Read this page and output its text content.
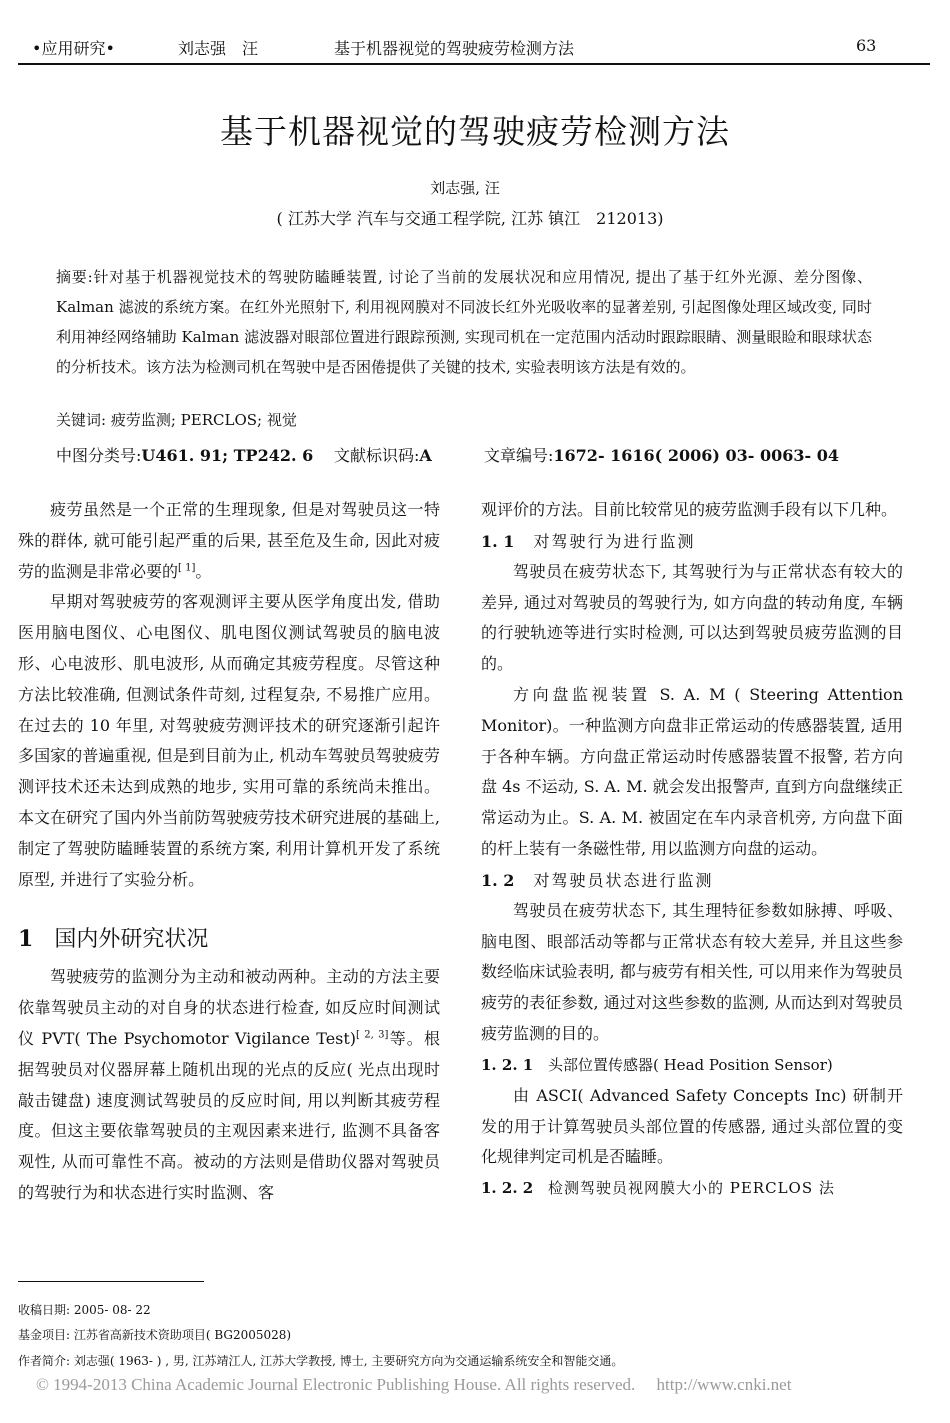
•应用研究•	刘志强　汪	基于机器视觉的驾驶疲劳检测方法	63
基于机器视觉的驾驶疲劳检测方法
刘志强, 汪
( 江苏大学 汽车与交通工程学院, 江苏 镇江　212013)
摘要:针对基于机器视觉技术的驾驶防瞌睡装置, 讨论了当前的发展状况和应用情况, 提出了基于红外光源、差分图像、Kalman 滤波的系统方案。在红外光照射下, 利用视网膜对不同波长红外光吸收率的显著差别, 引起图像处理区域改变, 同时利用神经网络辅助 Kalman 滤波器对眼部位置进行跟踪预测, 实现司机在一定范围内活动时跟踪眼睛、测量眼睑和眼球状态的分析技术。该方法为检测司机在驾驶中是否困倦提供了关键的技术, 实验表明该方法是有效的。
关键词: 疲劳监测; PERCLOS; 视觉
中图分类号:U461. 91; TP242. 6 文献标识码:A	文章编号:1672- 1616( 2006) 03- 0063- 04

疲劳虽然是一个正常的生理现象, 但是对驾驶员这一特殊的群体, 就可能引起严重的后果, 甚至危及生命, 因此对疲劳的监测是非常必要的[ 1]。

早期对驾驶疲劳的客观测评主要从医学角度出发, 借助医用脑电图仪、心电图仪、肌电图仪测试驾驶员的脑电波形、心电波形、肌电波形, 从而确定其疲劳程度。尽管这种方法比较准确, 但测试条件苛刻, 过程复杂, 不易推广应用。在过去的 10 年里, 对驾驶疲劳测评技术的研究逐渐引起许多国家的普遍重视, 但是到目前为止, 机动车驾驶员驾驶疲劳测评技术还未达到成熟的地步, 实用可靠的系统尚未推出。本文在研究了国内外当前防驾驶疲劳技术研究进展的基础上, 制定了驾驶防瞌睡装置的系统方案, 利用计算机开发了系统原型, 并进行了实验分析。

1 国内外研究状况

驾驶疲劳的监测分为主动和被动两种。主动的方法主要依靠驾驶员主动的对自身的状态进行检查, 如反应时间测试仪 PVT( The Psychomotor Vigilance Test)[ 2, 3]等。根据驾驶员对仪器屏幕上随机出现的光点的反应( 光点出现时敲击键盘) 速度测试驾驶员的反应时间, 用以判断其疲劳程度。但这主要依靠驾驶员的主观因素来进行, 监测不具备客观性, 从而可靠性不高。被动的方法则是借助仪器对驾驶员的驾驶行为和状态进行实时监测、客

观评价的方法。目前比较常见的疲劳监测手段有以下几种。

1. 1 对驾驶行为进行监测

驾驶员在疲劳状态下, 其驾驶行为与正常状态有较大的差异, 通过对驾驶员的驾驶行为, 如方向盘的转动角度, 车辆的行驶轨迹等进行实时检测, 可以达到驾驶员疲劳监测的目的。

方向盘监视装置 S. A. M ( Steering Attention Monitor)。一种监测方向盘非正常运动的传感器装置, 适用于各种车辆。方向盘正常运动时传感器装置不报警, 若方向盘 4s 不运动, S. A. M. 就会发出报警声, 直到方向盘继续正常运动为止。S. A. M. 被固定在车内录音机旁, 方向盘下面的杆上装有一条磁性带, 用以监测方向盘的运动。

1. 2 对驾驶员状态进行监测

驾驶员在疲劳状态下, 其生理特征参数如脉搏、呼吸、脑电图、眼部活动等都与正常状态有较大差异, 并且这些参数经临床试验表明, 都与疲劳有相关性, 可以用来作为驾驶员疲劳的表征参数, 通过对这些参数的监测, 从而达到对驾驶员疲劳监测的目的。

1. 2. 1 头部位置传感器( Head Position Sensor)

由 ASCI( Advanced Safety Concepts Inc) 研制开发的用于计算驾驶员头部位置的传感器, 通过头部位置的变化规律判定司机是否瞌睡。

1. 2. 2 检测驾驶员视网膜大小的 PERCLOS 法
收稿日期: 2005- 08- 22
基金项目: 江苏省高新技术资助项目( BG2005028)
作者简介: 刘志强( 1963- ) , 男, 江苏靖江人, 江苏大学教授, 博士, 主要研究方向为交通运输系统安全和智能交通。
© 1994-2013 China Academic Journal Electronic Publishing House. All rights reserved.　 http://www.cnki.net
